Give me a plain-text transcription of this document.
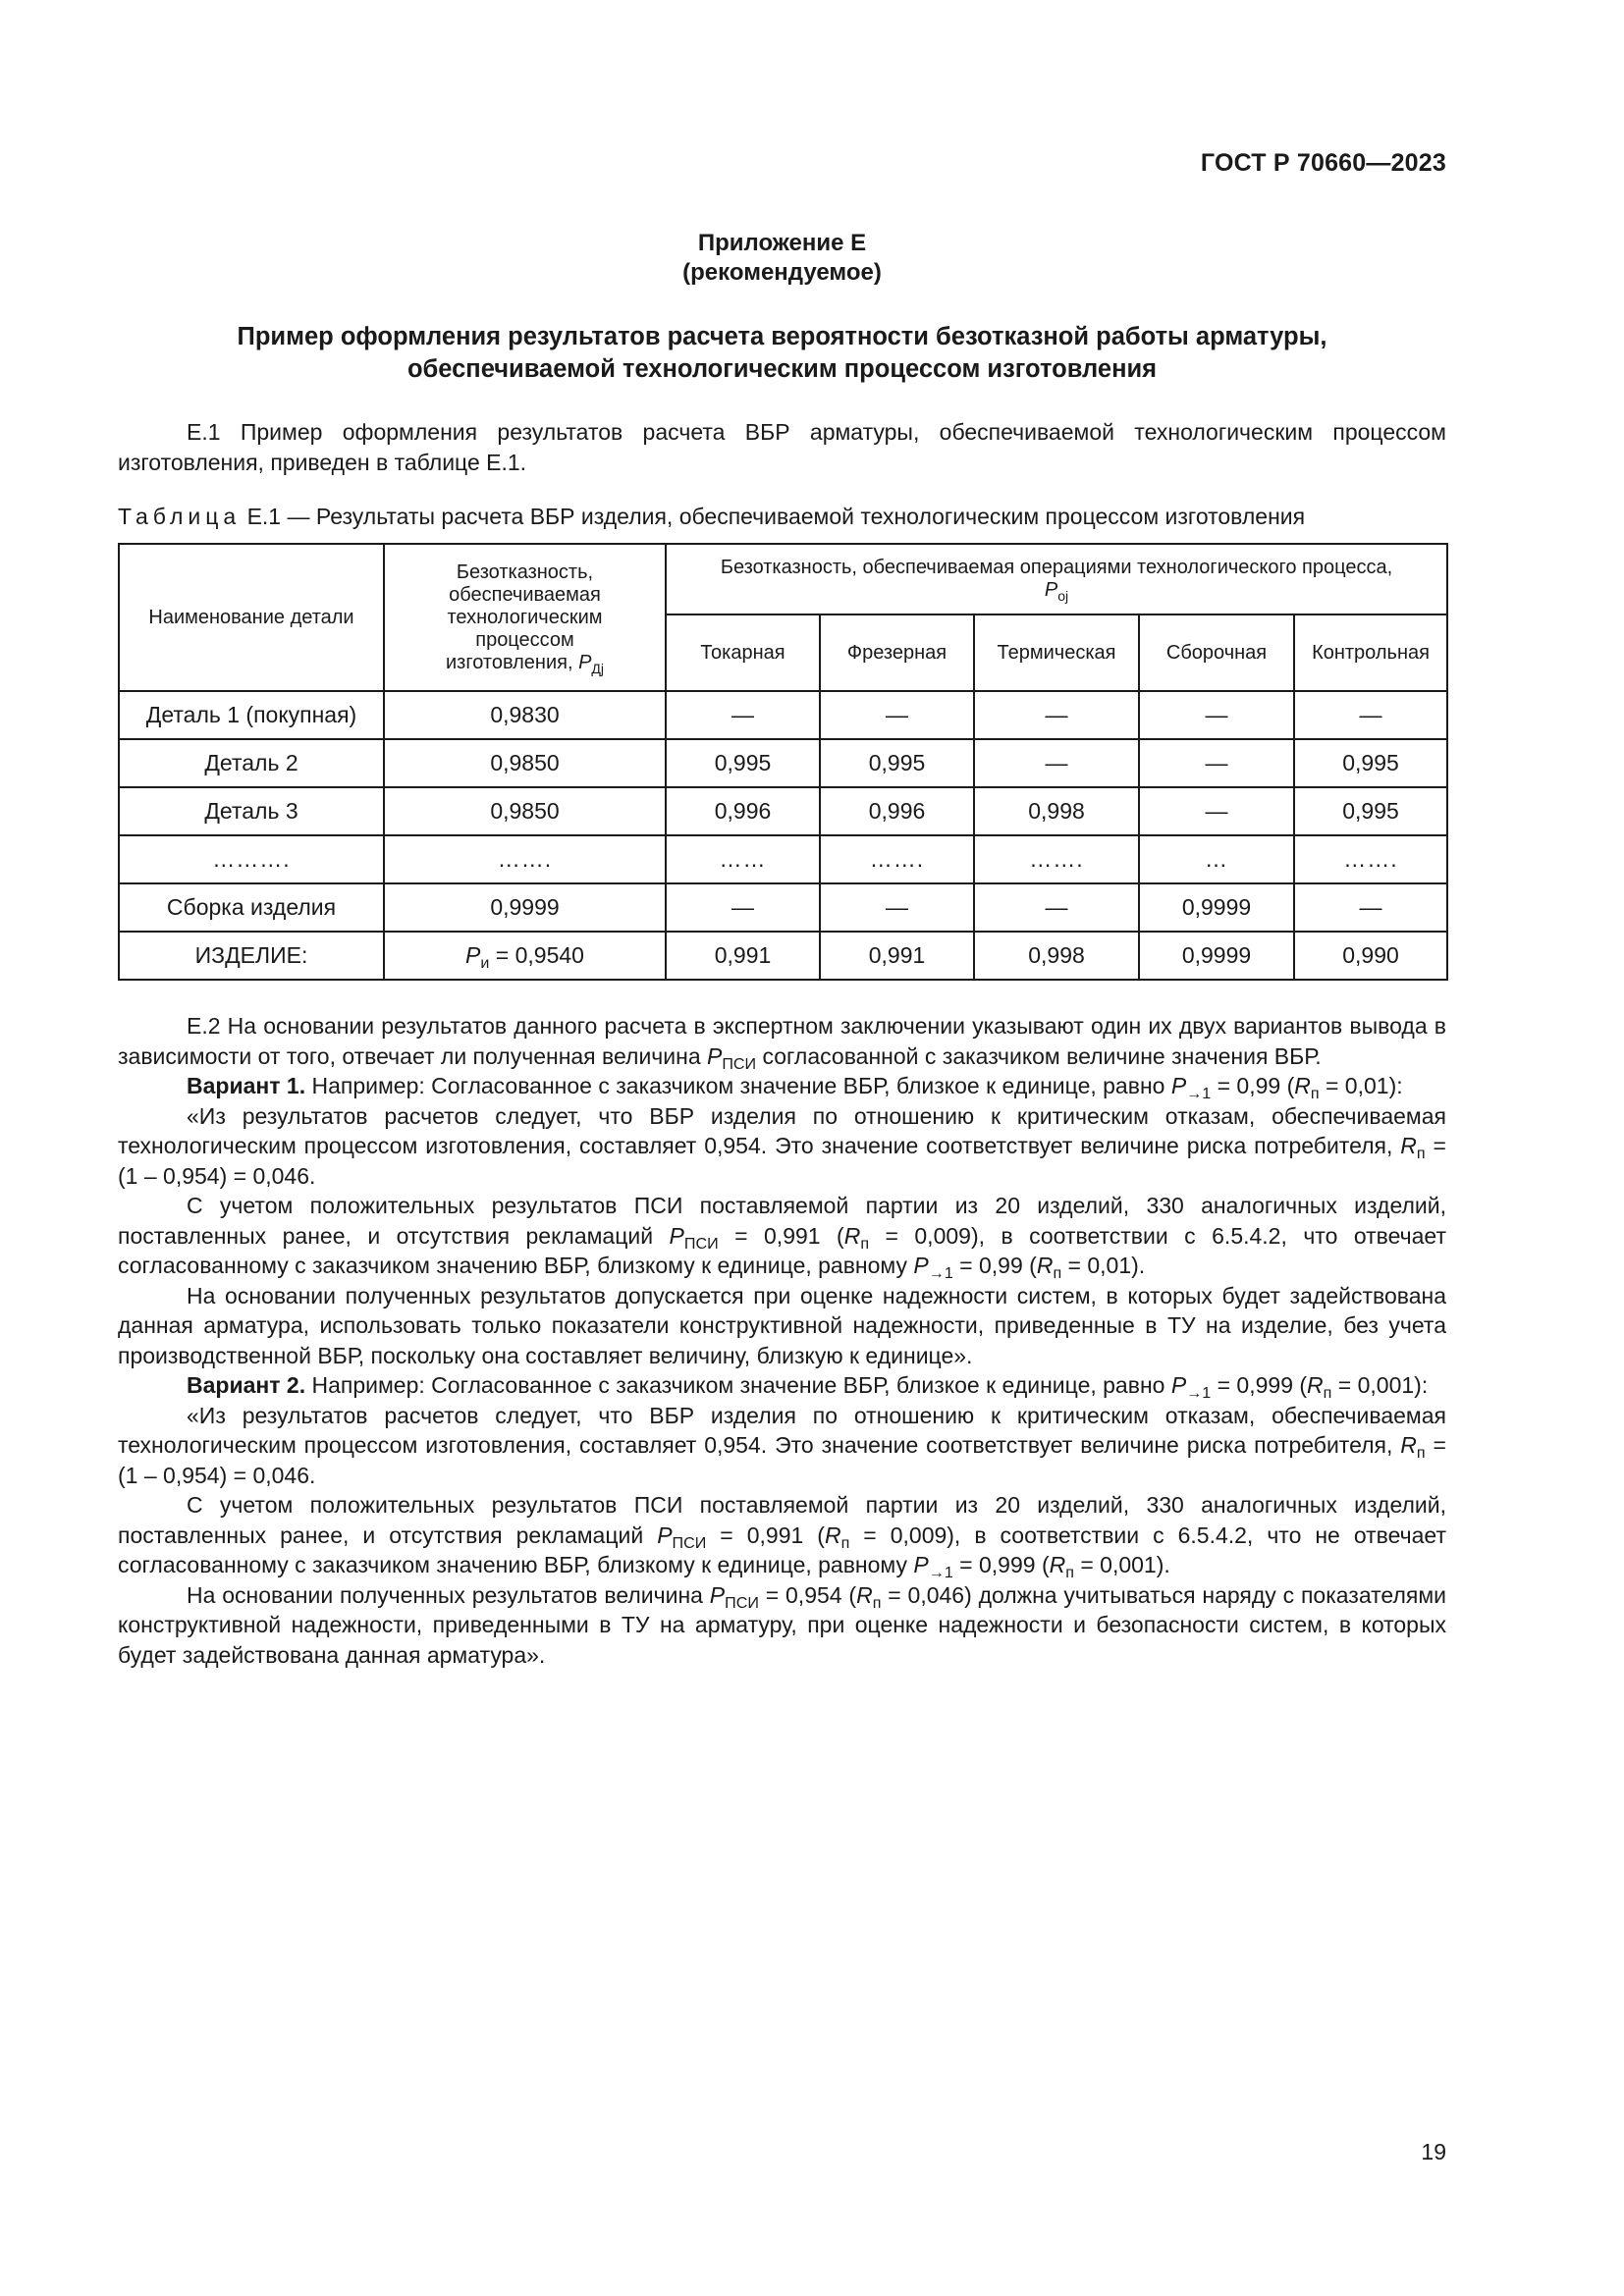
Приложение Е
(рекомендуемое)
Пример оформления результатов расчета вероятности безотказной работы арматуры,
обеспечиваемой технологическим процессом изготовления

Е.1 Пример оформления результатов расчета ВБР арматуры, обеспечиваемой технологическим процессом изготовления, приведен в таблице Е.1.

Таблица Е.1 — Результаты расчета ВБР изделия, обеспечиваемой технологическим процессом изготовления
Наименование детали	Безотказность, обеспечиваемая технологическим процессом изготовления, $P_{Дj}$	Безотказность, обеспечиваемая операциями технологического процесса, $P_{оj}$
		Токарная	Фрезерная	Термическая	Сборочная	Контрольная
Деталь 1 (покупная)	0,9830	—	—	—	—	—
Деталь 2	0,9850	0,995	0,995	—	—	0,995
Деталь 3	0,9850	0,996	0,996	0,998	—	0,995
……….	…….	……	…….	…….	…	…….
Сборка изделия	0,9999	—	—	—	0,9999	—
ИЗДЕЛИЕ:	$P_и = 0,9540$	0,991	0,991	0,998	0,9999	0,990

Е.2 На основании результатов данного расчета в экспертном заключении указывают один их двух вариантов вывода в зависимости от того, отвечает ли полученная величина $P_{ПСИ}$ согласованной с заказчиком величине значения ВБР.

Вариант 1. Например: Согласованное с заказчиком значение ВБР, близкое к единице, равно $P_{\to 1} = 0,99$ $(R_п = 0,01)$:

«Из результатов расчетов следует, что ВБР изделия по отношению к критическим отказам, обеспечиваемая технологическим процессом изготовления, составляет 0,954. Это значение соответствует величине риска потребителя, $R_п = (1 - 0,954) = 0,046$.

С учетом положительных результатов ПСИ поставляемой партии из 20 изделий, 330 аналогичных изделий, поставленных ранее, и отсутствия рекламаций $P_{ПСИ} = 0,991$ $(R_п = 0,009)$, в соответствии с 6.5.4.2, что отвечает согласованному с заказчиком значению ВБР, близкому к единице, равному $P_{\to 1} = 0,99$ $(R_п = 0,01)$.

На основании полученных результатов допускается при оценке надежности систем, в которых будет задействована данная арматура, использовать только показатели конструктивной надежности, приведенные в ТУ на изделие, без учета производственной ВБР, поскольку она составляет величину, близкую к единице».

Вариант 2. Например: Согласованное с заказчиком значение ВБР, близкое к единице, равно $P_{\to 1} = 0,999$ $(R_п = 0,001)$:

«Из результатов расчетов следует, что ВБР изделия по отношению к критическим отказам, обеспечиваемая технологическим процессом изготовления, составляет 0,954. Это значение соответствует величине риска потребителя, $R_п = (1 - 0,954) = 0,046$.

С учетом положительных результатов ПСИ поставляемой партии из 20 изделий, 330 аналогичных изделий, поставленных ранее, и отсутствия рекламаций $P_{ПСИ} = 0,991$ $(R_п = 0,009)$, в соответствии с 6.5.4.2, что не отвечает согласованному с заказчиком значению ВБР, близкому к единице, равному $P_{\to 1} = 0,999$ $(R_п = 0,001)$.

На основании полученных результатов величина $P_{ПСИ} = 0,954$ $(R_п = 0,046)$ должна учитываться наряду с показателями конструктивной надежности, приведенными в ТУ на арматуру, при оценке надежности и безопасности систем, в которых будет задействована данная арматура».

ГОСТ Р 70660—2023
19
